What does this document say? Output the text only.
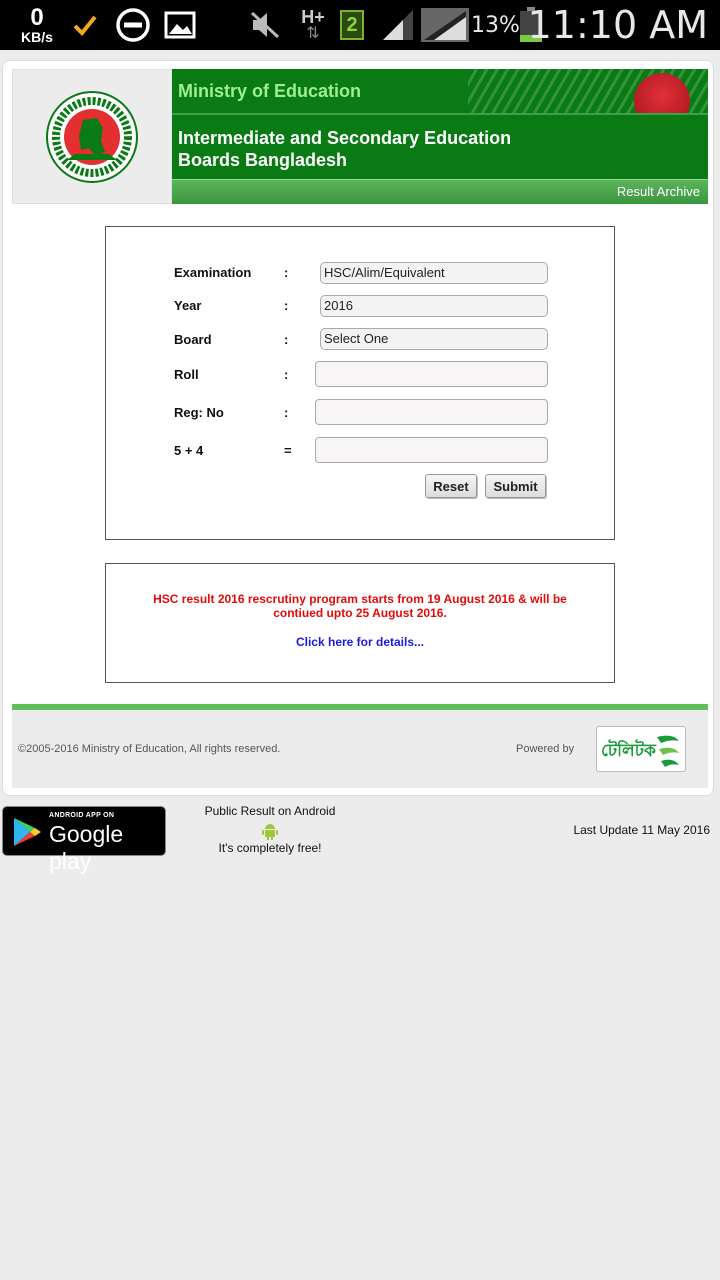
0
KB/s
H+
⇅ 2	13% 11:10 AM
Ministry of Education
Intermediate and Secondary Education Boards Bangladesh
Result Archive
Examination	:	HSC/Alim/Equivalent
Year	:	2016
Board	:	Select One
Roll	:
Reg: No	:
5 + 4	=
Reset	Submit
HSC result 2016 rescrutiny program starts from 19 August 2016 & will be
contiued upto 25 August 2016.
Click here for details...
©2005-2016 Ministry of Education, All rights reserved.	Powered by টেলিটক
ANDROID APP ON
Google play
Public Result on Android
It's completely free!
Last Update 11 May 2016
